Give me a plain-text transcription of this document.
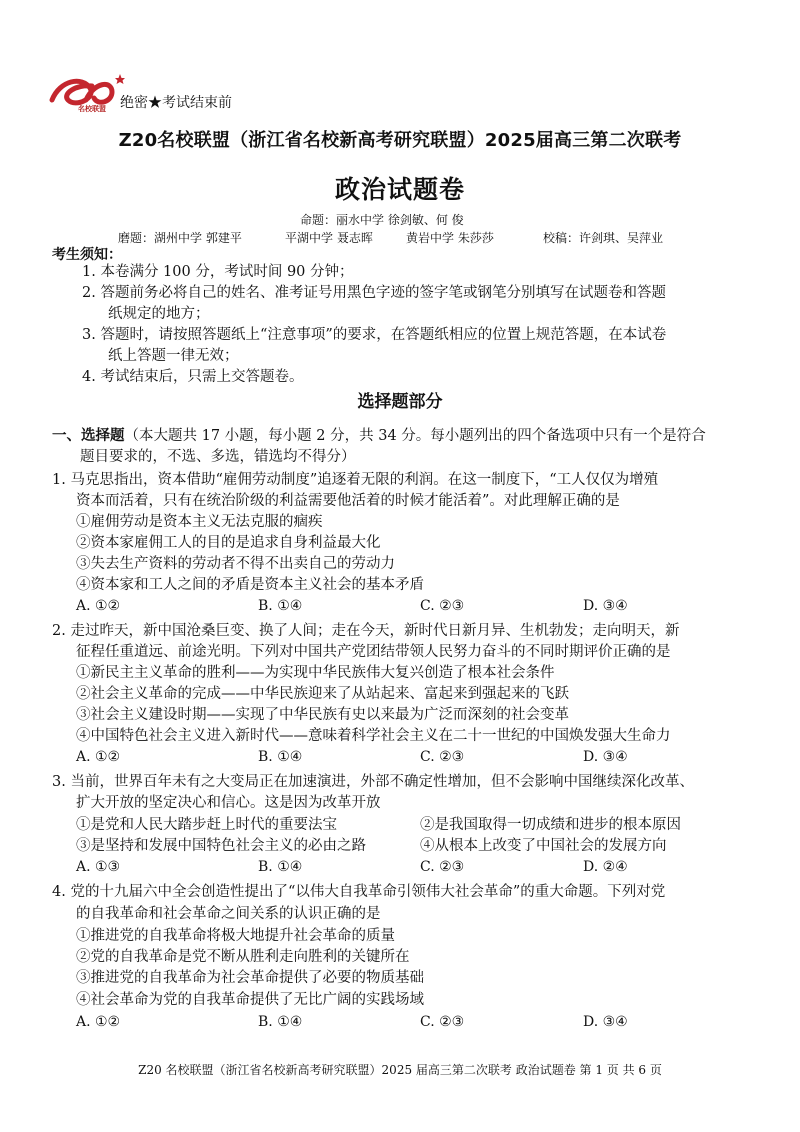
名校联盟 绝密★考试结束前
Z20名校联盟（浙江省名校新高考研究联盟）2025届高三第二次联考
政治试题卷
命题：丽水中学 徐剑敏、何 俊
磨题：湖州中学 郭建平	平湖中学 聂志晖	黄岩中学 朱莎莎	校稿：许剑琪、吴萍业
考生须知：
1. 本卷满分 100 分，考试时间 90 分钟；
2. 答题前务必将自己的姓名、准考证号用黑色字迹的签字笔或钢笔分别填写在试题卷和答题
纸规定的地方；
3. 答题时，请按照答题纸上“注意事项”的要求，在答题纸相应的位置上规范答题，在本试卷
纸上答题一律无效；
4. 考试结束后，只需上交答题卷。
选择题部分
一、选择题（本大题共 17 小题，每小题 2 分，共 34 分。每小题列出的四个备选项中只有一个是符合
题目要求的，不选、多选，错选均不得分）
1. 马克思指出，资本借助“雇佣劳动制度”追逐着无限的利润。在这一制度下，“工人仅仅为增殖
资本而活着，只有在统治阶级的利益需要他活着的时候才能活着”。对此理解正确的是
①雇佣劳动是资本主义无法克服的痼疾
②资本家雇佣工人的目的是追求自身利益最大化
③失去生产资料的劳动者不得不出卖自己的劳动力
④资本家和工人之间的矛盾是资本主义社会的基本矛盾
A. ①②	B. ①④	C. ②③	D. ③④
2. 走过昨天，新中国沧桑巨变、换了人间；走在今天，新时代日新月异、生机勃发；走向明天，新
征程任重道远、前途光明。下列对中国共产党团结带领人民努力奋斗的不同时期评价正确的是
①新民主主义革命的胜利——为实现中华民族伟大复兴创造了根本社会条件
②社会主义革命的完成——中华民族迎来了从站起来、富起来到强起来的飞跃
③社会主义建设时期——实现了中华民族有史以来最为广泛而深刻的社会变革
④中国特色社会主义进入新时代——意味着科学社会主义在二十一世纪的中国焕发强大生命力
A. ①②	B. ①④	C. ②③	D. ③④
3. 当前，世界百年未有之大变局正在加速演进，外部不确定性增加，但不会影响中国继续深化改革、
扩大开放的坚定决心和信心。这是因为改革开放
①是党和人民大踏步赶上时代的重要法宝	②是我国取得一切成绩和进步的根本原因
③是坚持和发展中国特色社会主义的必由之路	④从根本上改变了中国社会的发展方向
A. ①③	B. ①④	C. ②③	D. ②④
4. 党的十九届六中全会创造性提出了“以伟大自我革命引领伟大社会革命”的重大命题。下列对党
的自我革命和社会革命之间关系的认识正确的是
①推进党的自我革命将极大地提升社会革命的质量
②党的自我革命是党不断从胜利走向胜利的关键所在
③推进党的自我革命为社会革命提供了必要的物质基础
④社会革命为党的自我革命提供了无比广阔的实践场域
A. ①②	B. ①④	C. ②③	D. ③④
Z20 名校联盟（浙江省名校新高考研究联盟）2025 届高三第二次联考 政治试题卷 第 1 页 共 6 页
